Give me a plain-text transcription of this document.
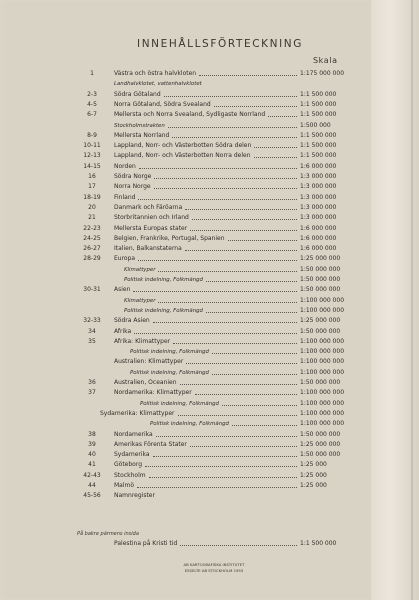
INNEHÅLLSFÖRTECKNING
Skala
1	Västra och östra halvkloten	1:175 000 000
Landhalvklotet, vattenhalvklotet
2-3	Södra Götaland	1:1 500 000
4-5	Norra Götaland, Södra Svealand	1:1 500 000
6-7	Mellersta och Norra Svealand, Sydligaste Norrland	1:1 500 000
Stockholmstrakten	1:500 000
8-9	Mellersta Norrland	1:1 500 000
10-11	Lappland, Norr- och Västerbotten Södra delen	1:1 500 000
12-13	Lappland, Norr- och Västerbotten Norra delen	1:1 500 000
14-15	Norden	1:6 000 000
16	Södra Norge	1:3 000 000
17	Norra Norge	1:3 000 000
18-19	Finland	1:3 000 000
20	Danmark och Färöarna	1:3 000 000
21	Storbritannien och Irland	1:3 000 000
22-23	Mellersta Europas stater	1:6 000 000
24-25	Belgien, Frankrike, Portugal, Spanien	1:6 000 000
26-27	Italien, Balkanstaterna	1:6 000 000
28-29	Europa	1:25 000 000
Klimattyper	1:50 000 000
Politisk indelning, Folkmängd	1:50 000 000
30-31	Asien	1:50 000 000
Klimattyper	1:100 000 000
Politisk indelning, Folkmängd	1:100 000 000
32-33	Södra Asien	1:25 000 000
34	Afrika	1:50 000 000
35	Afrika: Klimattyper	1:100 000 000
Politisk indelning, Folkmängd	1:100 000 000
Australien: Klimattyper	1:100 000 000
Politisk indelning, Folkmängd	1:100 000 000
36	Australien, Oceanien	1:50 000 000
37	Nordamerika: Klimattyper	1:100 000 000
Politisk indelning, Folkmängd	1:100 000 000
Sydamerika: Klimattyper	1:100 000 000
Politisk indelning, Folkmängd	1:100 000 000
38	Nordamerika	1:50 000 000
39	Amerikas Förenta Stater	1:25 000 000
40	Sydamerika	1:50 000 000
41	Göteborg	1:25 000
42-43	Stockholm	1:25 000
44	Malmö	1:25 000
45-56	Namnregister
På bakre pärmens insida
Palestina på Kristi tid	1:1 500 000
AB KARTOGRAFISKA INSTITUTET
ESSELTE AB STOCKHOLM 1955
